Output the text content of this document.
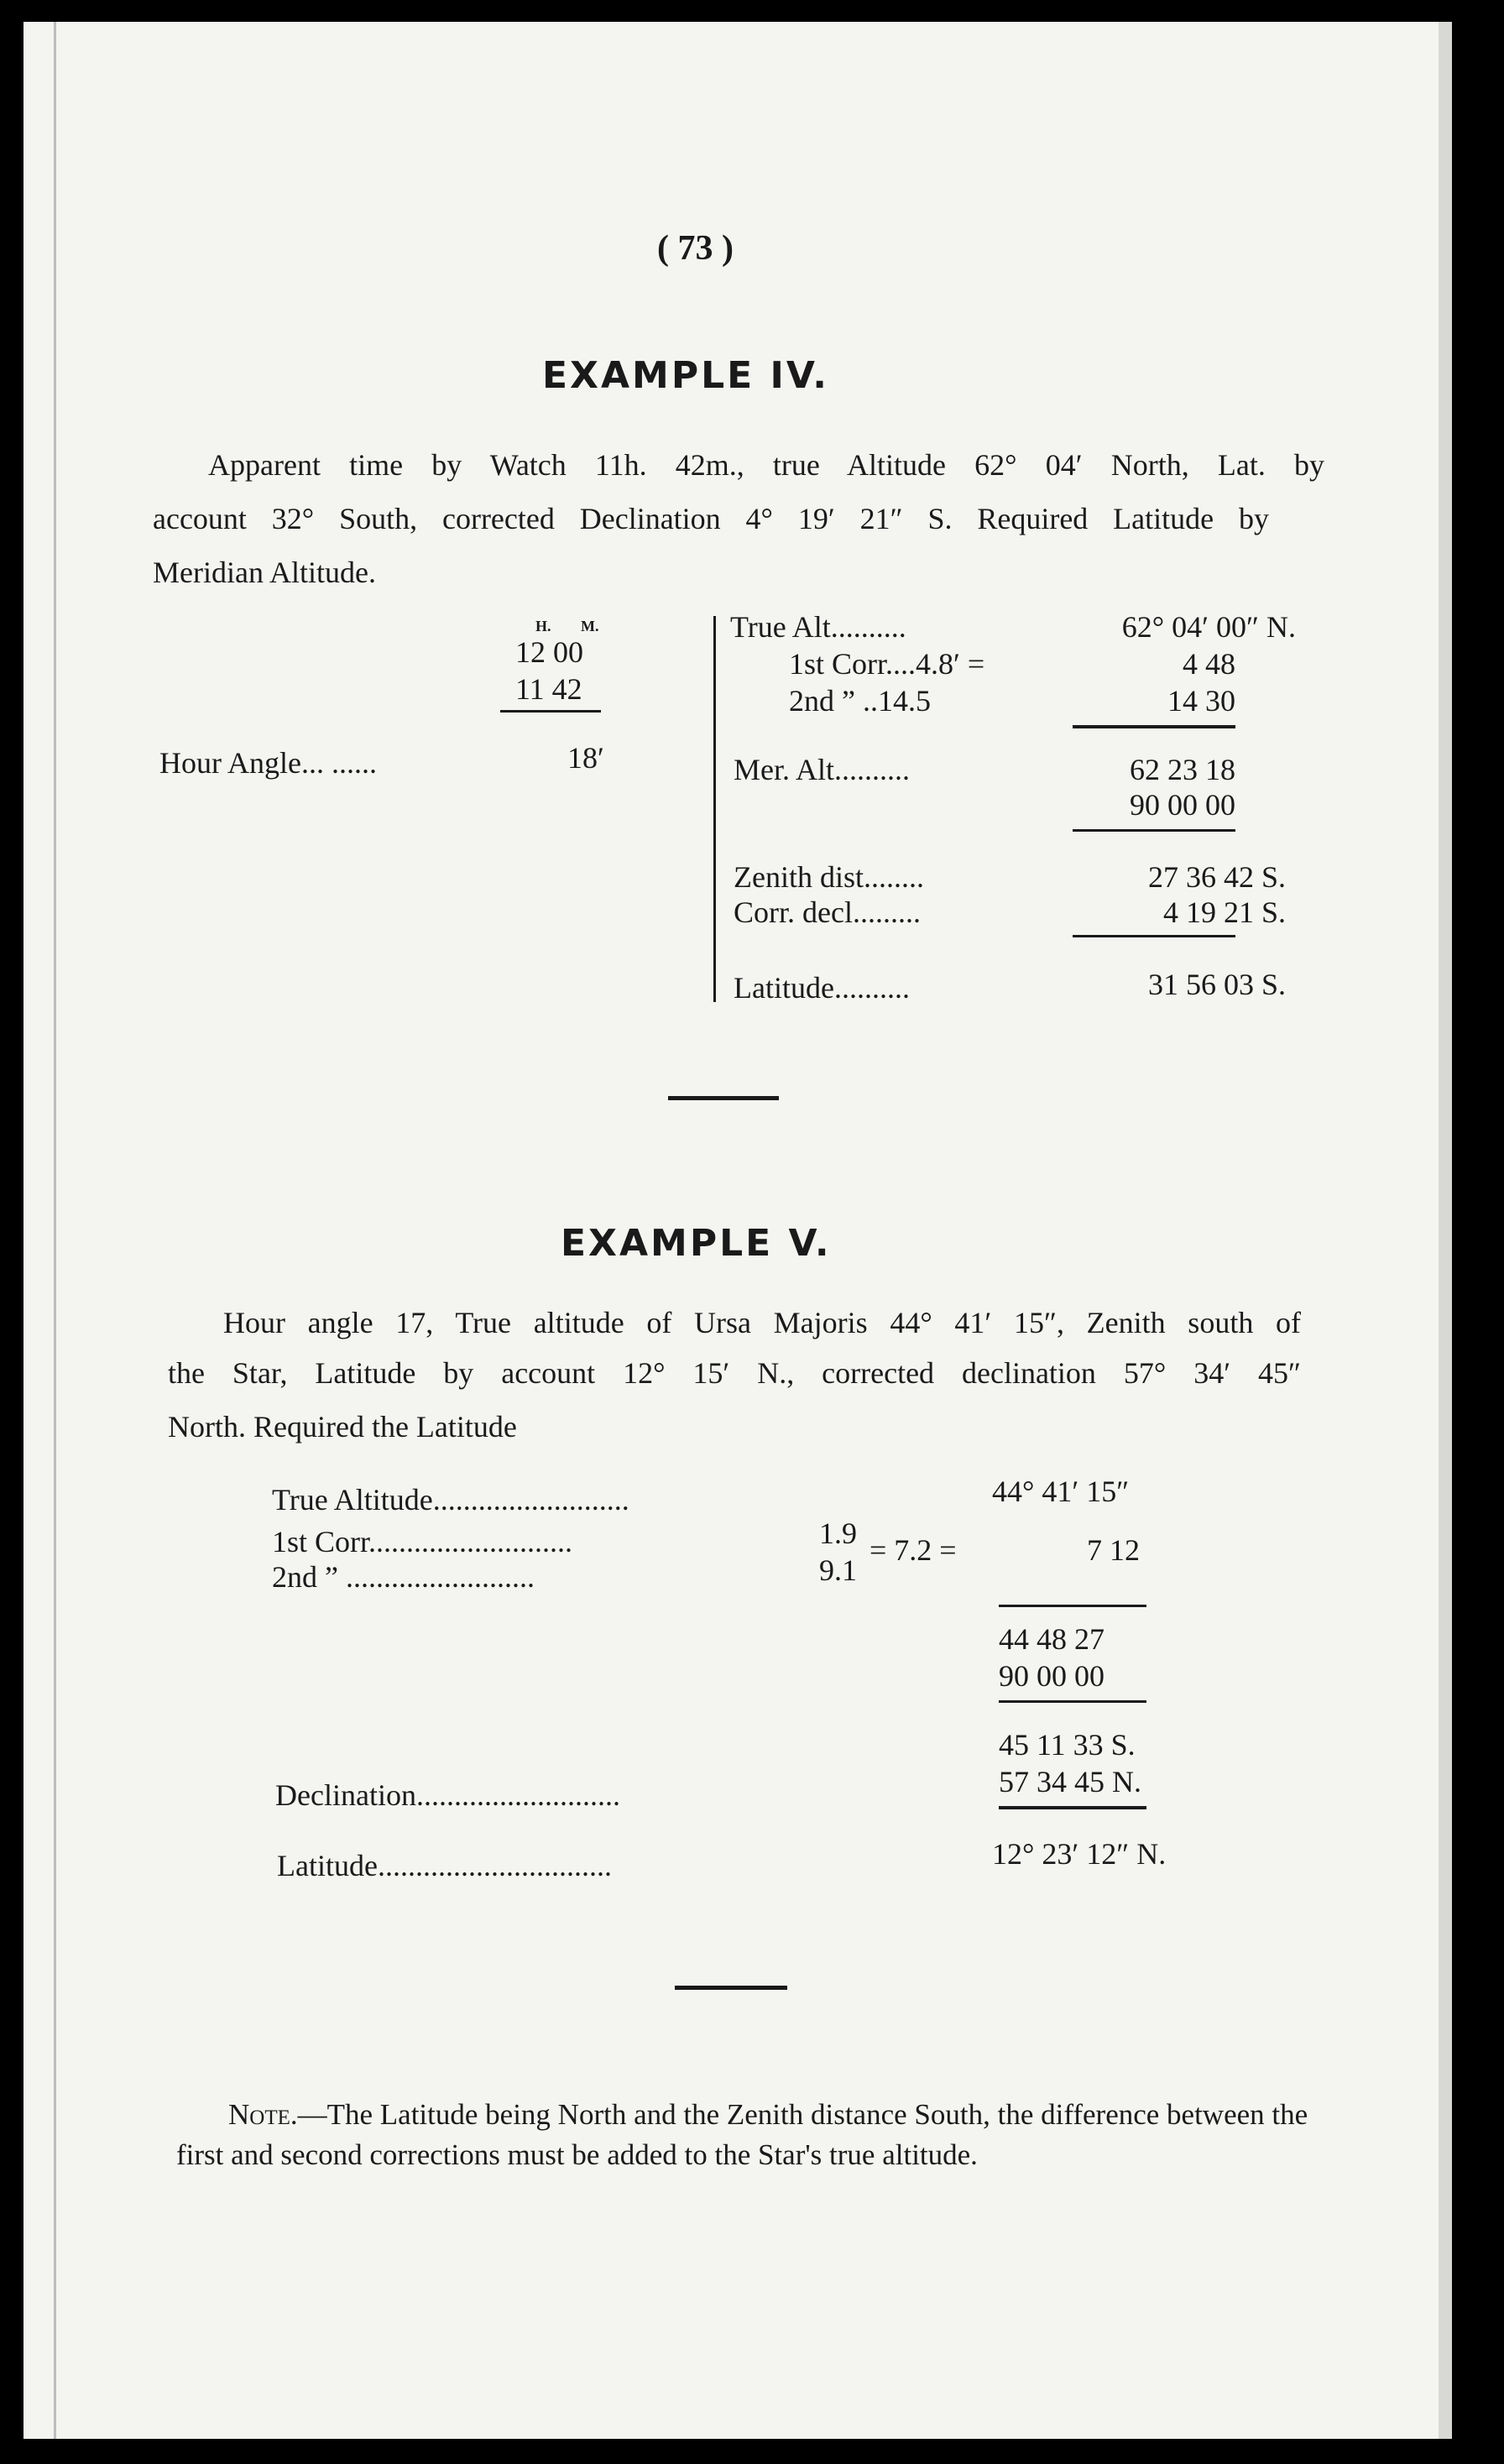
( 73 )
EXAMPLE IV.
Apparent time by Watch 11h. 42m., true Altitude 62° 04′ North, Lat. by
account 32° South, corrected Declination 4° 19′ 21″ S. Required Latitude by
Meridian Altitude.
H. M.
12 00
11 42
Hour Angle... ......	18′
True Alt..........	62° 04′ 00″ N.
1st Corr....4.8′ =	4 48
2nd ” ..14.5	14 30
Mer. Alt..........	62 23 18
90 00 00
Zenith dist........	27 36 42 S.
Corr. decl.........	4 19 21 S.
Latitude..........	31 56 03 S.
EXAMPLE V.
Hour angle 17, True altitude of Ursa Majoris 44° 41′ 15″, Zenith south of
the Star, Latitude by account 12° 15′ N., corrected declination 57° 34′ 45″
North. Required the Latitude
True Altitude..........................	44° 41′ 15″
1st Corr...........................	1.9
2nd ” .........................	9.1
= 7.2 =	7 12
44 48 27
90 00 00
45 11 33 S.
Declination...........................	57 34 45 N.
Latitude...............................	12° 23′ 12″ N.
Note.—The Latitude being North and the Zenith distance South, the difference between the first and second corrections must be added to the Star's true altitude.
